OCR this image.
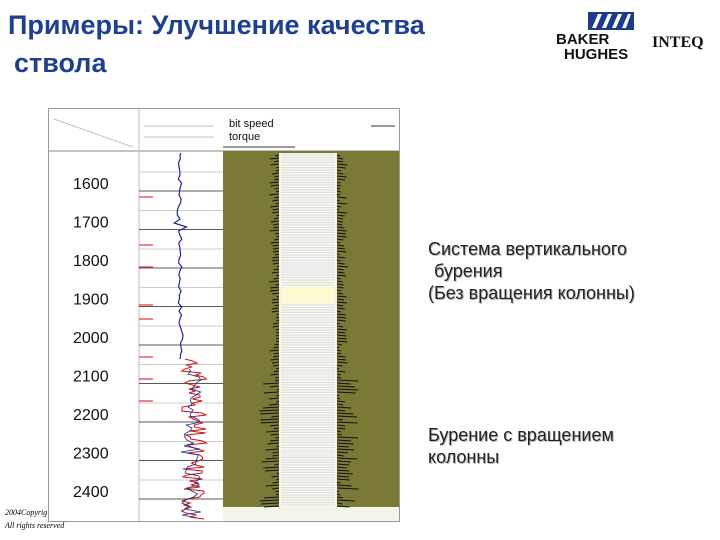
Примеры: Улучшение качества
ствола
BAKER
HUGHES
INTEQ
bit speed
torque
1600
1700
1800
1900
2000
2100
2200
2300
2400
Система вертикального
бурения
(Без вращения колонны)
Бурение с вращением
колонны
2004Copyrig
All rights reserved
